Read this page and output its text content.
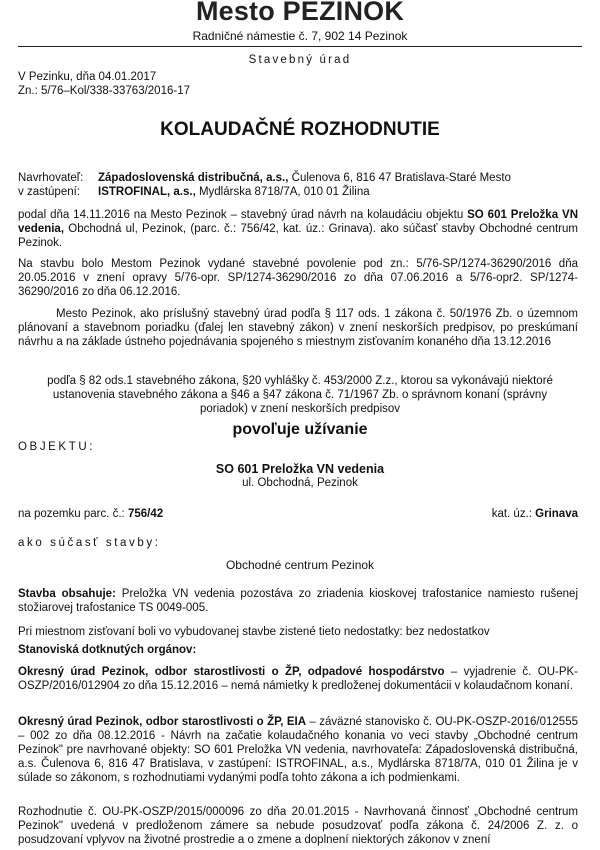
Mesto PEZINOK
Radničné námestie č. 7, 902 14 Pezinok
Stavebný úrad
V Pezinku, dňa 04.01.2017
Zn.: 5/76–Kol/338-33763/2016-17
KOLAUDAČNÉ ROZHODNUTIE
Navrhovateľ:	Západoslovenská distribučná, a.s., Čulenova 6, 816 47 Bratislava-Staré Mesto
v zastúpení:	ISTROFINAL, a.s., Mydlárska 8718/7A, 010 01 Žilina
podal dňa 14.11.2016 na Mesto Pezinok – stavebný úrad návrh na kolaudáciu objektu SO 601 Preložka VN vedenia, Obchodná ul, Pezinok, (parc. č.: 756/42, kat. úz.: Grinava). ako súčasť stavby Obchodné centrum Pezinok.
Na stavbu bolo Mestom Pezinok vydané stavebné povolenie pod zn.: 5/76-SP/1274-36290/2016 dňa 20.05.2016 v znení opravy 5/76-opr. SP/1274-36290/2016 zo dňa 07.06.2016 a 5/76-opr2. SP/1274-36290/2016 zo dňa 06.12.2016.
Mesto Pezinok, ako príslušný stavebný úrad podľa § 117 ods. 1 zákona č. 50/1976 Zb. o územnom plánovaní a stavebnom poriadku (ďalej len stavebný zákon) v znení neskorších predpisov, po preskúmaní návrhu a na základe ústneho pojednávania spojeného s miestnym zisťovaním konaného dňa 13.12.2016
podľa § 82 ods.1 stavebného zákona, §20 vyhlášky č. 453/2000 Z.z., ktorou sa vykonávajú niektoré ustanovenia stavebného zákona a §46 a §47 zákona č. 71/1967 Zb. o správnom konaní (správny poriadok) v znení neskorších predpisov
povoľuje užívanie
OBJEKTU:
SO 601 Preložka VN vedenia
ul. Obchodná, Pezinok
na pozemku parc. č.: 756/42	kat. úz.: Grinava
ako súčasť stavby:
Obchodné centrum Pezinok
Stavba obsahuje: Preložka VN vedenia pozostáva zo zriadenia kioskovej trafostanice namiesto rušenej stožiarovej trafostanice TS 0049-005.
Pri miestnom zisťovaní boli vo vybudovanej stavbe zistené tieto nedostatky: bez nedostatkov
Stanoviská dotknutých orgánov:
Okresný úrad Pezinok, odbor starostlivosti o ŽP, odpadové hospodárstvo – vyjadrenie č. OU-PK-OSZP/2016/012904 zo dňa 15.12.2016 – nemá námietky k predloženej dokumentácii v kolaudačnom konaní.
Okresný úrad Pezinok, odbor starostlivosti o ŽP, EIA – záväzné stanovisko č. OU-PK-OSZP-2016/012555 – 002 zo dňa 08.12.2016 - Návrh na začatie kolaudačného konania vo veci stavby „Obchodné centrum Pezinok" pre navrhované objekty: SO 601 Preložka VN vedenia, navrhovateľa: Západoslovenská distribučná, a.s. Čulenova 6, 816 47 Bratislava, v zastúpení: ISTROFINAL, a.s., Mydlárska 8718/7A, 010 01 Žilina je v súlade so zákonom, s rozhodnutiami vydanými podľa tohto zákona a ich podmienkami.
Rozhodnutie č. OU-PK-OSZP/2015/000096 zo dňa 20.01.2015 - Navrhovaná činnosť „Obchodné centrum Pezinok" uvedená v predloženom zámere sa nebude posudzovať podľa zákona č. 24/2006 Z. z. o posudzovaní vplyvov na životné prostredie a o zmene a doplnení niektorých zákonov v znení
